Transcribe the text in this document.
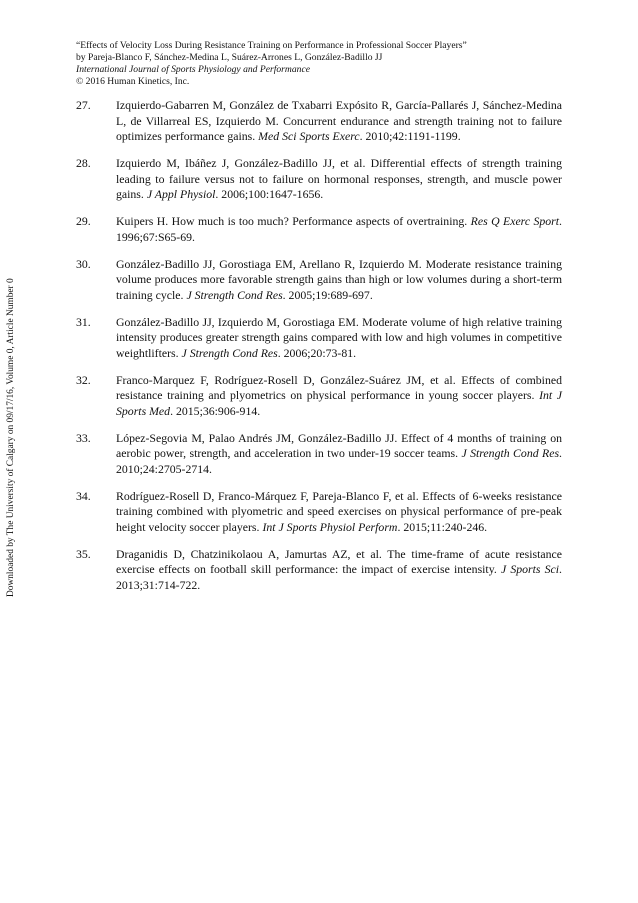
“Effects of Velocity Loss During Resistance Training on Performance in Professional Soccer Players”
by Pareja-Blanco F, Sánchez-Medina L, Suárez-Arrones L, González-Badillo JJ
International Journal of Sports Physiology and Performance
© 2016 Human Kinetics, Inc.
Downloaded by The University of Calgary on 09/17/16, Volume 0, Article Number 0
27. Izquierdo-Gabarren M, González de Txabarri Expósito R, García-Pallarés J, Sánchez-Medina L, de Villarreal ES, Izquierdo M. Concurrent endurance and strength training not to failure optimizes performance gains. Med Sci Sports Exerc. 2010;42:1191-1199.
28. Izquierdo M, Ibáñez J, González-Badillo JJ, et al. Differential effects of strength training leading to failure versus not to failure on hormonal responses, strength, and muscle power gains. J Appl Physiol. 2006;100:1647-1656.
29. Kuipers H. How much is too much? Performance aspects of overtraining. Res Q Exerc Sport. 1996;67:S65-69.
30. González-Badillo JJ, Gorostiaga EM, Arellano R, Izquierdo M. Moderate resistance training volume produces more favorable strength gains than high or low volumes during a short-term training cycle. J Strength Cond Res. 2005;19:689-697.
31. González-Badillo JJ, Izquierdo M, Gorostiaga EM. Moderate volume of high relative training intensity produces greater strength gains compared with low and high volumes in competitive weightlifters. J Strength Cond Res. 2006;20:73-81.
32. Franco-Marquez F, Rodríguez-Rosell D, González-Suárez JM, et al. Effects of combined resistance training and plyometrics on physical performance in young soccer players. Int J Sports Med. 2015;36:906-914.
33. López-Segovia M, Palao Andrés JM, González-Badillo JJ. Effect of 4 months of training on aerobic power, strength, and acceleration in two under-19 soccer teams. J Strength Cond Res. 2010;24:2705-2714.
34. Rodríguez-Rosell D, Franco-Márquez F, Pareja-Blanco F, et al. Effects of 6-weeks resistance training combined with plyometric and speed exercises on physical performance of pre-peak height velocity soccer players. Int J Sports Physiol Perform. 2015;11:240-246.
35. Draganidis D, Chatzinikolaou A, Jamurtas AZ, et al. The time-frame of acute resistance exercise effects on football skill performance: the impact of exercise intensity. J Sports Sci. 2013;31:714-722.
